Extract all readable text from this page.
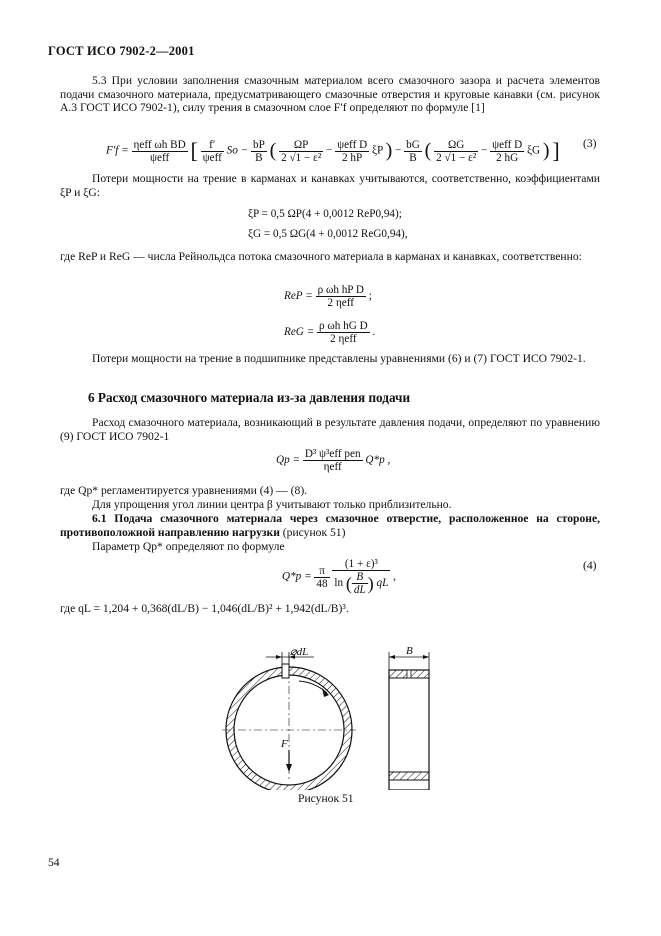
ГОСТ ИСО 7902-2—2001
5.3 При условии заполнения смазочным материалом всего смазочного зазора и расчета элементов подачи смазочного материала, предусматривающего смазочные отверстия и круговые канавки (см. рисунок А.3 ГОСТ ИСО 7902-1), силу трения в смазочном слое F′f определяют по формуле [1]
$F'f = \frac{\text{ηeff ωh BD}}{\text{ψeff}}$ [ $\frac{f'}{\text{ψeff}}$ $So - \frac{bP}{B}$ ( $\frac{\Omega P}{\text{2 √1 − ε²}} - \frac{\text{ψeff D}}{2 hP}$ ξP ) − $\frac{bG}{B}$ ( $\frac{\Omega G}{\text{2 √1 − ε²}} - \frac{\text{ψeff D}}{2 hG}$ ξG ) ] (3)
Потери мощности на трение в карманах и канавках учитываются, соответственно, коэффициентами ξP и ξG:
ξP = 0,5 ΩP(4 + 0,0012 ReP0,94);
ξG = 0,5 ΩG(4 + 0,0012 ReG0,94),
где ReP и ReG — числа Рейнольдса потока смазочного материала в карманах и канавках, соответственно:
ReP = $\frac{\text{ρ ωh hP D}}{\text{2 ηeff}}$ ;
ReG = $\frac{\text{ρ ωh hG D}}{\text{2 ηeff}}$ .
Потери мощности на трение в подшипнике представлены уравнениями (6) и (7) ГОСТ ИСО 7902-1.
6 Расход смазочного материала из-за давления подачи
Расход смазочного материала, возникающий в результате давления подачи, определяют по уравнению (9) ГОСТ ИСО 7902-1
$Qp = \frac{\text{D³ ψ³eff pen}}{\text{ηeff}} Q*p$ ,
где Qp* регламентируется уравнениями (4) — (8).
Для упрощения угол линии центра β учитывают только приблизительно.
6.1 Подача смазочного материала через смазочное отверстие, расположенное на стороне, противоположной направлению нагрузки (рисунок 51)
Параметр Qp* определяют по формуле
$Q*p = \frac{\pi}{48}$
$\frac{\text{(1 + ε)³}}{\ln ( \frac{B}{dL} ) qL}$ ,
(4)
где qL = 1,204 + 0,368(dL/B) − 1,046(dL/B)² + 1,942(dL/B)³.
⌀dL	B
F
Рисунок 51
54
